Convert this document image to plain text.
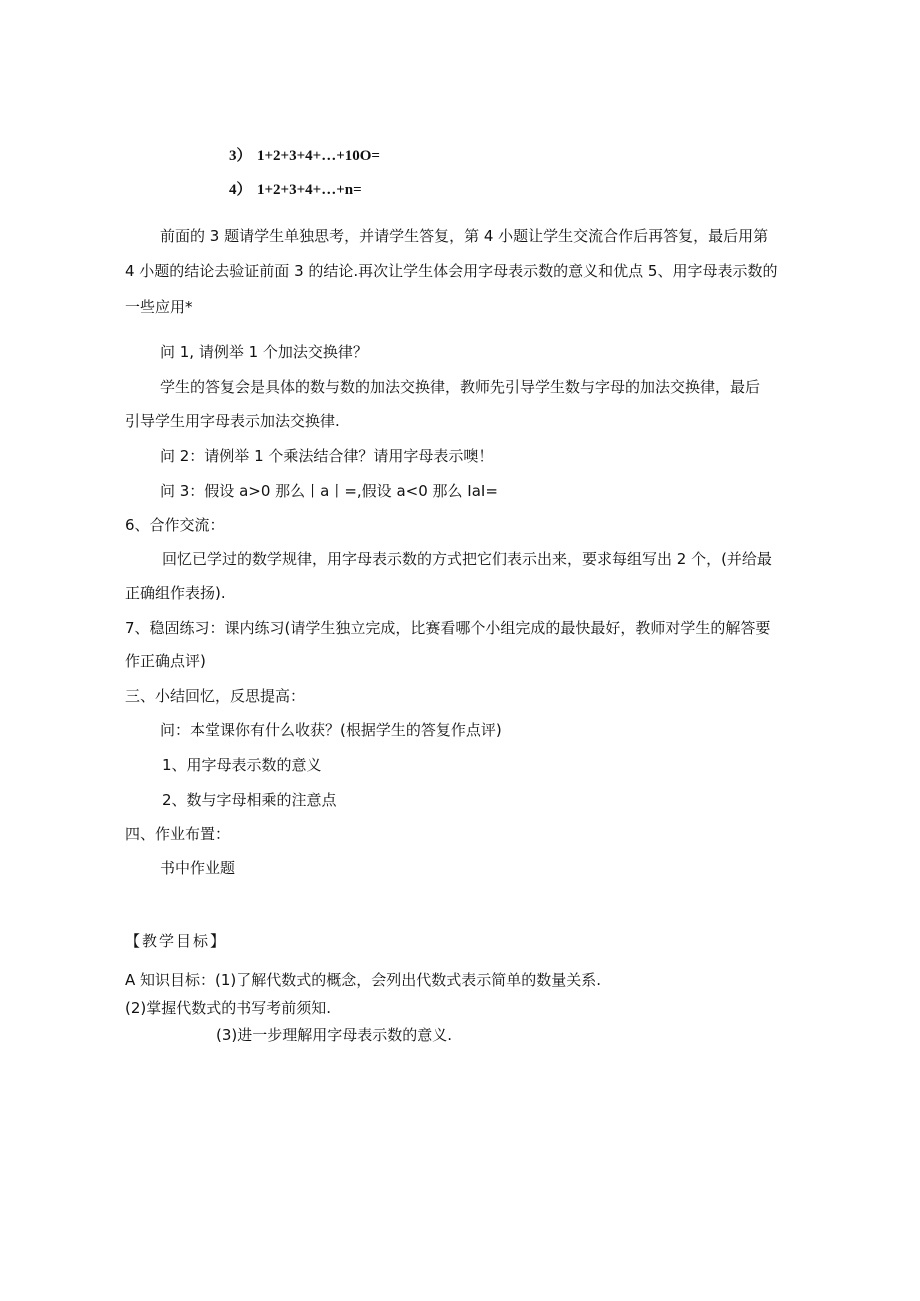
3） 1+2+3+4+…+10O=
4） 1+2+3+4+…+n=
前面的 3 题请学生单独思考，并请学生答复，第 4 小题让学生交流合作后再答复，最后用第
4 小题的结论去验证前面 3 的结论.再次让学生体会用字母表示数的意义和优点 5、用字母表示数的
一些应用*
问 1, 请例举 1 个加法交换律？
学生的答复会是具体的数与数的加法交换律，教师先引导学生数与字母的加法交换律，最后
引导学生用字母表示加法交换律.
问 2：请例举 1 个乘法结合律？请用字母表示噢！
问 3：假设 a>0 那么丨a丨=,假设 a<0 那么 IaI=
6、合作交流：
回忆已学过的数学规律，用字母表示数的方式把它们表示出来，要求每组写出 2 个，(并给最
正确组作表扬).
7、稳固练习：课内练习(请学生独立完成，比赛看哪个小组完成的最快最好，教师对学生的解答要
作正确点评)
三、小结回忆，反思提高：
问：本堂课你有什么收获？(根据学生的答复作点评)
1、用字母表示数的意义
2、数与字母相乘的注意点
四、作业布置：
书中作业题
【教学目标】
A 知识目标：(1)了解代数式的概念，会列出代数式表示简单的数量关系.
(2)掌握代数式的书写考前须知.
(3)进一步理解用字母表示数的意义.
